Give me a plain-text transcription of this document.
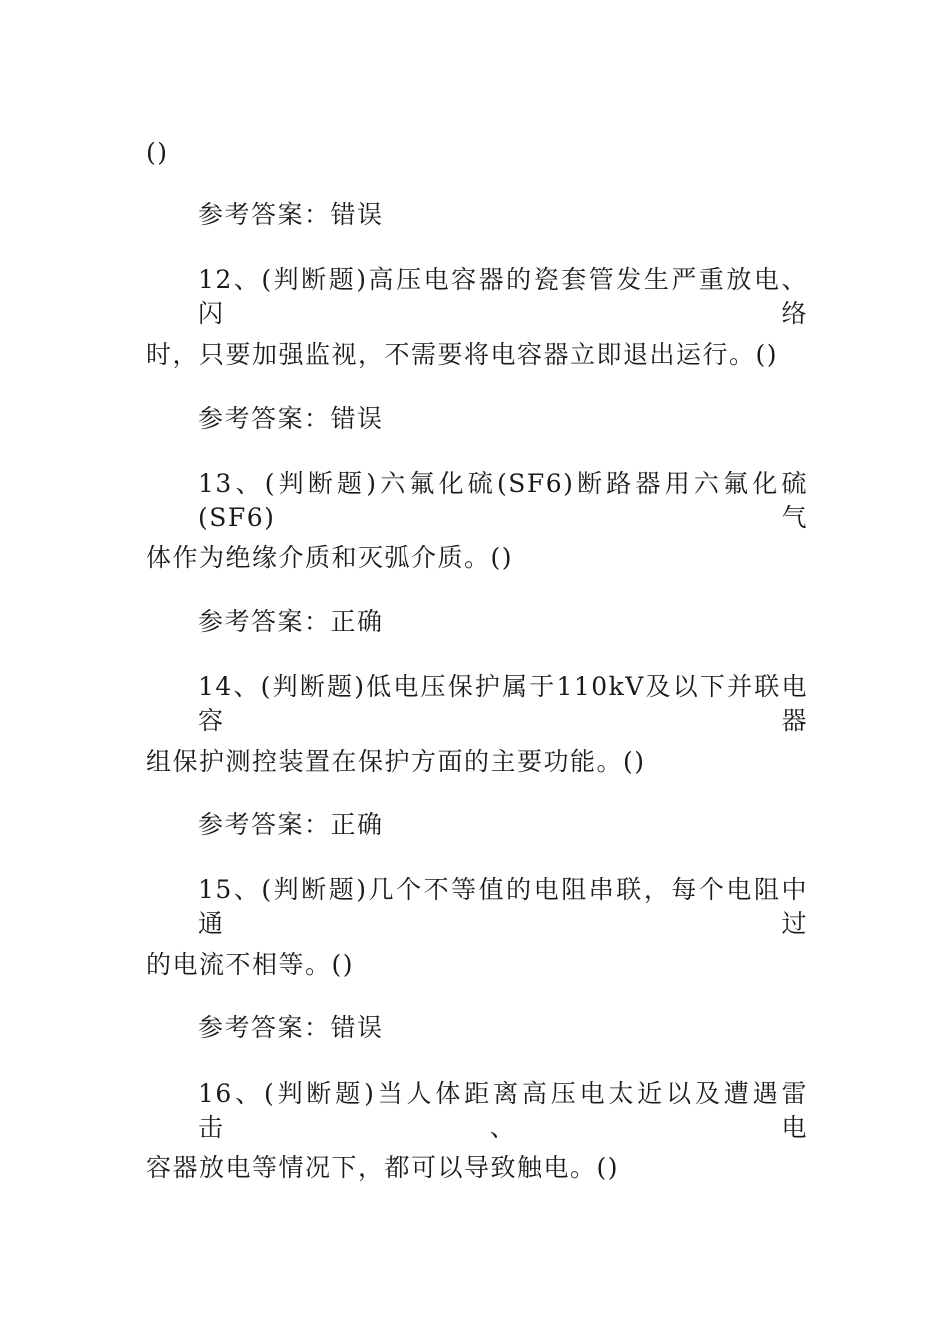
()
参考答案：错误
12、(判断题)高压电容器的瓷套管发生严重放电、闪络
时，只要加强监视，不需要将电容器立即退出运行。()
参考答案：错误
13、(判断题)六氟化硫(SF6)断路器用六氟化硫(SF6)气
体作为绝缘介质和灭弧介质。()
参考答案：正确
14、(判断题)低电压保护属于110kV及以下并联电容器
组保护测控装置在保护方面的主要功能。()
参考答案：正确
15、(判断题)几个不等值的电阻串联，每个电阻中通过
的电流不相等。()
参考答案：错误
16、(判断题)当人体距离高压电太近以及遭遇雷击、电
容器放电等情况下，都可以导致触电。()
